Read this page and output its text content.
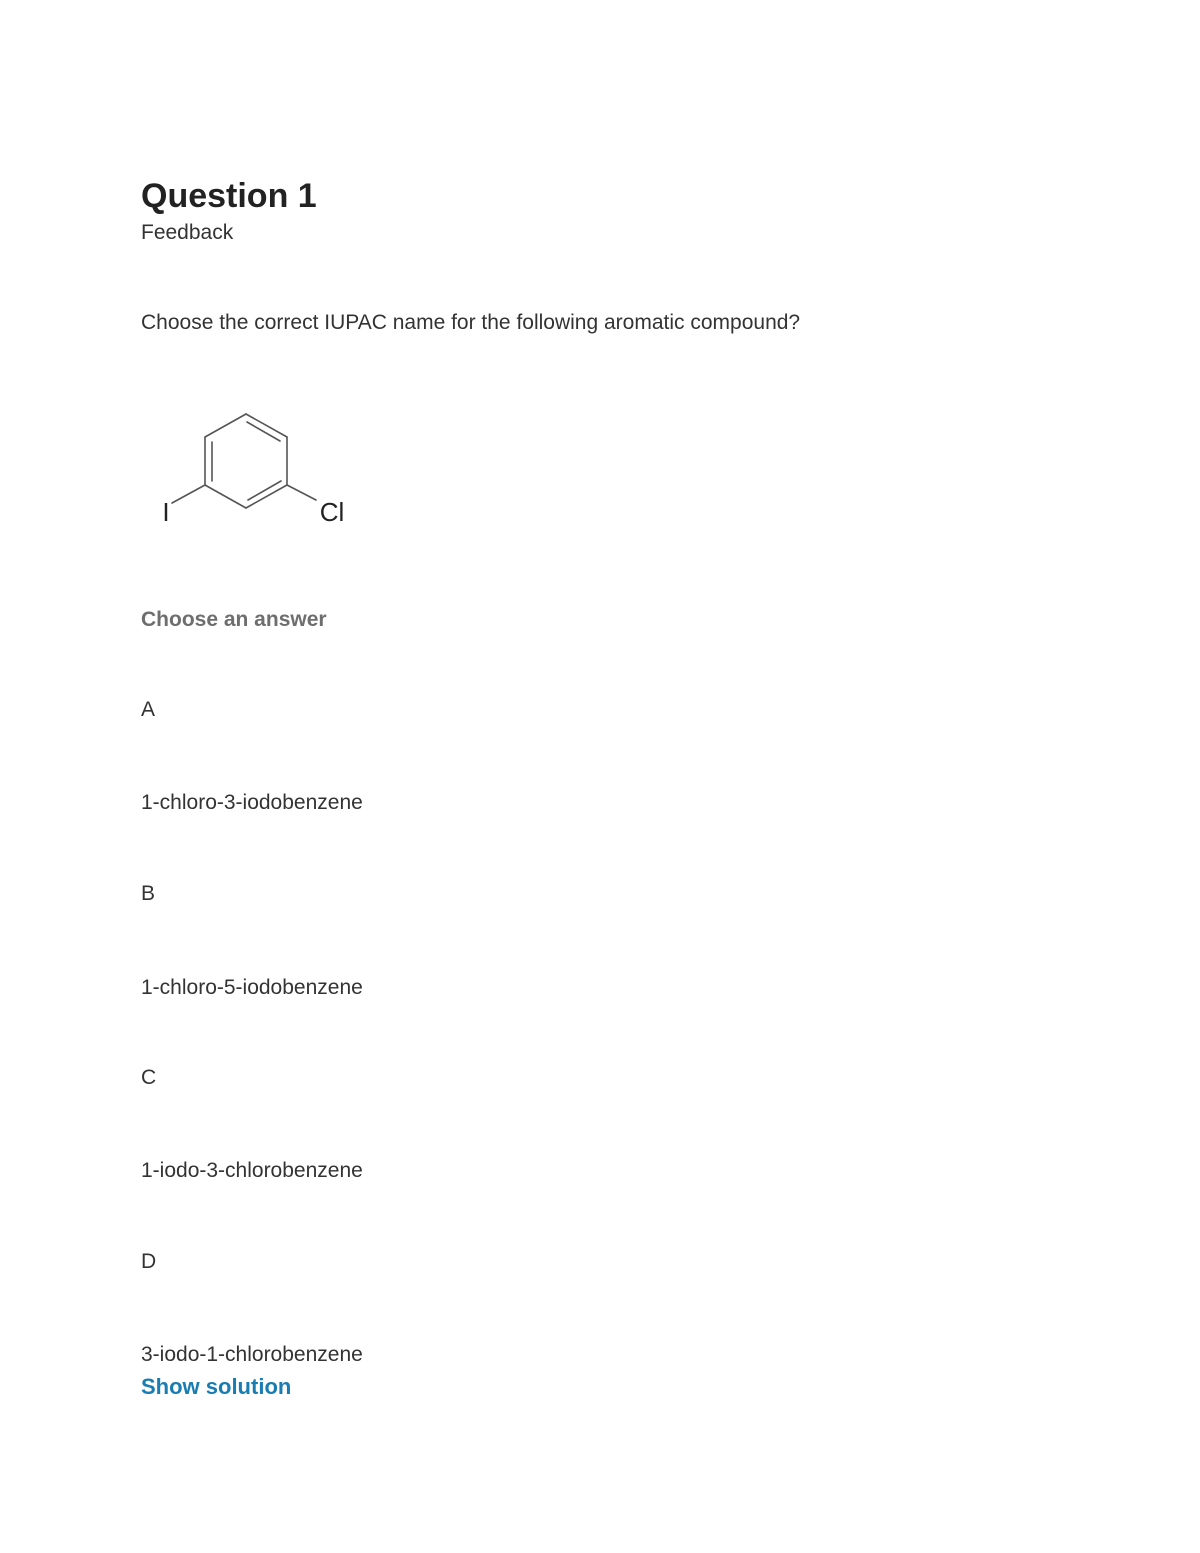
Question 1
Feedback
Choose the correct IUPAC name for the following aromatic compound?
I	Cl
Choose an answer
A
1-chloro-3-iodobenzene
B
1-chloro-5-iodobenzene
C
1-iodo-3-chlorobenzene
D
3-iodo-1-chlorobenzene
Show solution
